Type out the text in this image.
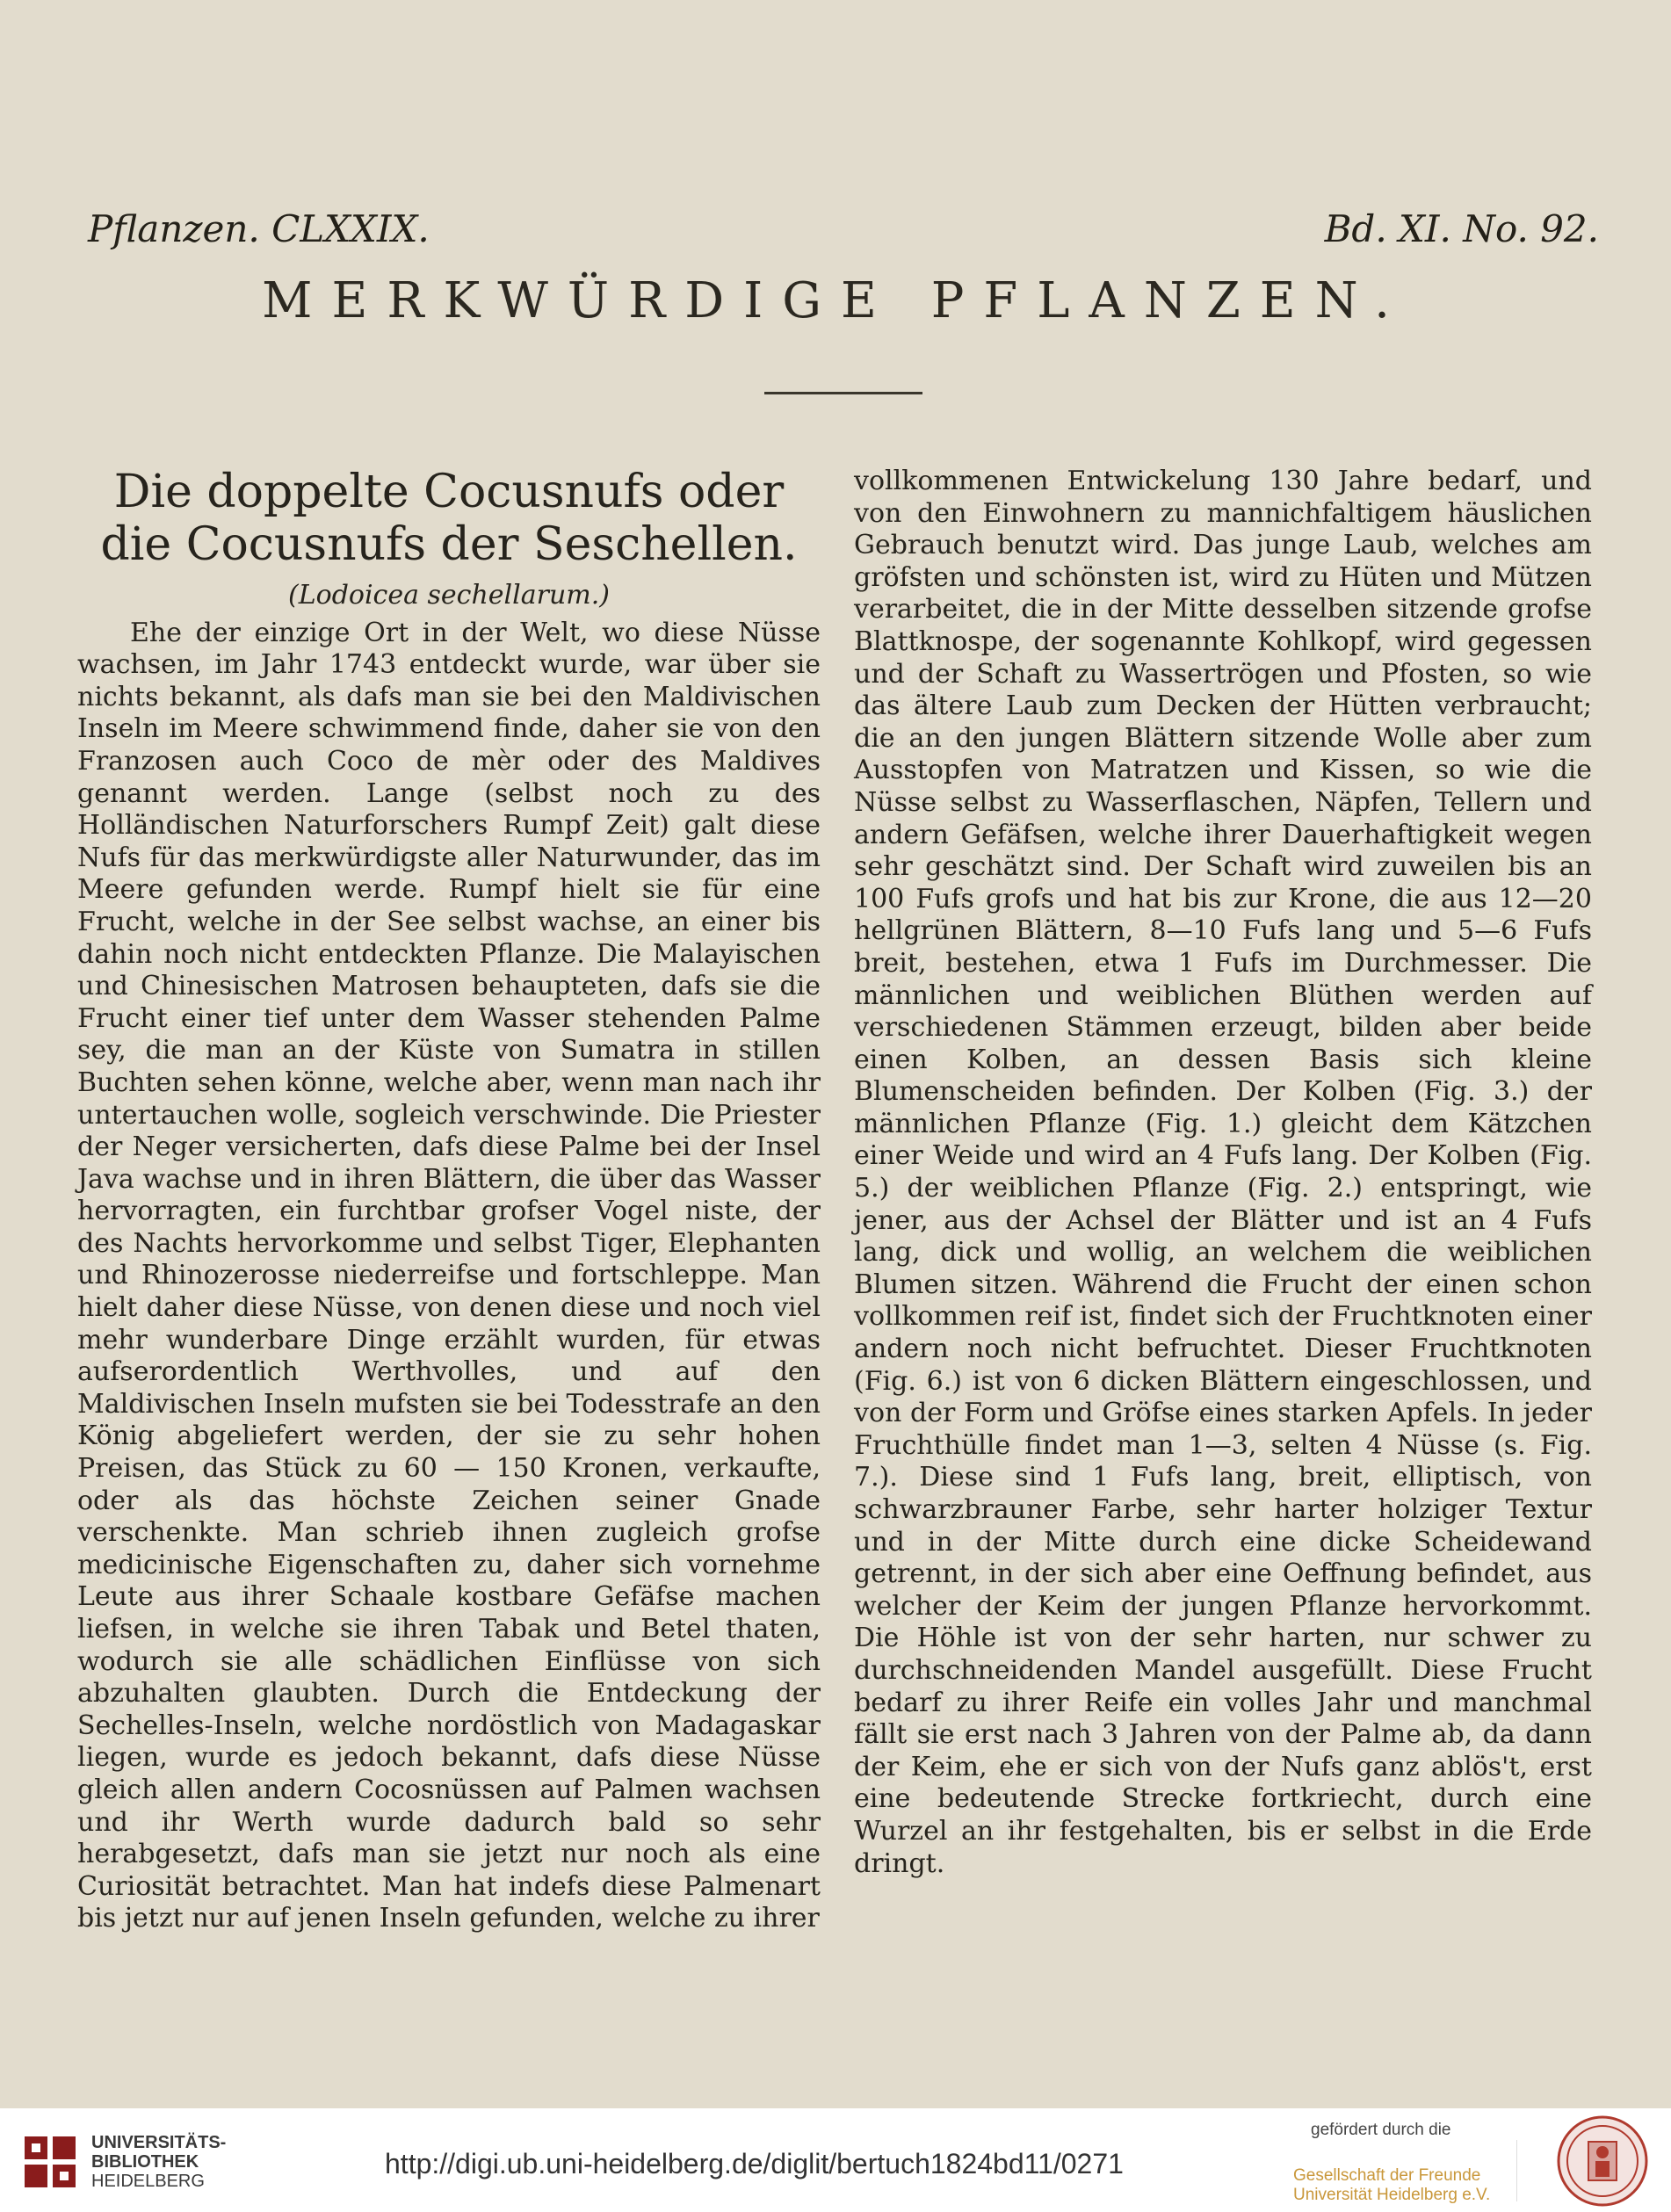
Pflanzen. CLXXIX.	Bd. XI. No. 92.
MERKWÜRDIGE PFLANZEN.
Die doppelte Cocusnufs oder die Cocusnufs der Seschellen.
(Lodoicea sechellarum.)

Ehe der einzige Ort in der Welt, wo diese Nüsse wachsen, im Jahr 1743 entdeckt wurde, war über sie nichts bekannt, als dafs man sie bei den Maldivischen Inseln im Meere schwimmend finde, daher sie von den Franzosen auch Coco de mèr oder des Maldives genannt werden. Lange (selbst noch zu des Holländischen Naturforschers Rumpf Zeit) galt diese Nufs für das merkwürdigste aller Naturwunder, das im Meere gefunden werde. Rumpf hielt sie für eine Frucht, welche in der See selbst wachse, an einer bis dahin noch nicht entdeckten Pflanze. Die Malayischen und Chinesischen Matrosen behaupteten, dafs sie die Frucht einer tief unter dem Wasser stehenden Palme sey, die man an der Küste von Sumatra in stillen Buchten sehen könne, welche aber, wenn man nach ihr untertauchen wolle, sogleich verschwinde. Die Priester der Neger versicherten, dafs diese Palme bei der Insel Java wachse und in ihren Blättern, die über das Wasser hervorragten, ein furchtbar grofser Vogel niste, der des Nachts hervorkomme und selbst Tiger, Elephanten und Rhinozerosse niederreifse und fortschleppe. Man hielt daher diese Nüsse, von denen diese und noch viel mehr wunderbare Dinge erzählt wurden, für etwas aufserordentlich Werthvolles, und auf den Maldivischen Inseln mufsten sie bei Todesstrafe an den König abgeliefert werden, der sie zu sehr hohen Preisen, das Stück zu 60 — 150 Kronen, verkaufte, oder als das höchste Zeichen seiner Gnade verschenkte. Man schrieb ihnen zugleich grofse medicinische Eigenschaften zu, daher sich vornehme Leute aus ihrer Schaale kostbare Gefäfse machen liefsen, in welche sie ihren Tabak und Betel thaten, wodurch sie alle schädlichen Einflüsse von sich abzuhalten glaubten. Durch die Entdeckung der Sechelles-Inseln, welche nordöstlich von Madagaskar liegen, wurde es jedoch bekannt, dafs diese Nüsse gleich allen andern Cocosnüssen auf Palmen wachsen und ihr Werth wurde dadurch bald so sehr herabgesetzt, dafs man sie jetzt nur noch als eine Curiosität betrachtet. Man hat indefs diese Palmenart bis jetzt nur auf jenen Inseln gefunden, welche zu ihrer

vollkommenen Entwickelung 130 Jahre bedarf, und von den Einwohnern zu mannichfaltigem häuslichen Gebrauch benutzt wird. Das junge Laub, welches am gröfsten und schönsten ist, wird zu Hüten und Mützen verarbeitet, die in der Mitte desselben sitzende grofse Blattknospe, der sogenannte Kohlkopf, wird gegessen und der Schaft zu Wassertrögen und Pfosten, so wie das ältere Laub zum Decken der Hütten verbraucht; die an den jungen Blättern sitzende Wolle aber zum Ausstopfen von Matratzen und Kissen, so wie die Nüsse selbst zu Wasserflaschen, Näpfen, Tellern und andern Gefäfsen, welche ihrer Dauerhaftigkeit wegen sehr geschätzt sind. Der Schaft wird zuweilen bis an 100 Fufs grofs und hat bis zur Krone, die aus 12—20 hellgrünen Blättern, 8—10 Fufs lang und 5—6 Fufs breit, bestehen, etwa 1 Fufs im Durchmesser. Die männlichen und weiblichen Blüthen werden auf verschiedenen Stämmen erzeugt, bilden aber beide einen Kolben, an dessen Basis sich kleine Blumenscheiden befinden. Der Kolben (Fig. 3.) der männlichen Pflanze (Fig. 1.) gleicht dem Kätzchen einer Weide und wird an 4 Fufs lang. Der Kolben (Fig. 5.) der weiblichen Pflanze (Fig. 2.) entspringt, wie jener, aus der Achsel der Blätter und ist an 4 Fufs lang, dick und wollig, an welchem die weiblichen Blumen sitzen. Während die Frucht der einen schon vollkommen reif ist, findet sich der Fruchtknoten einer andern noch nicht befruchtet. Dieser Fruchtknoten (Fig. 6.) ist von 6 dicken Blättern eingeschlossen, und von der Form und Gröfse eines starken Apfels. In jeder Fruchthülle findet man 1—3, selten 4 Nüsse (s. Fig. 7.). Diese sind 1 Fufs lang, breit, elliptisch, von schwarzbrauner Farbe, sehr harter holziger Textur und in der Mitte durch eine dicke Scheidewand getrennt, in der sich aber eine Oeffnung befindet, aus welcher der Keim der jungen Pflanze hervorkommt. Die Höhle ist von der sehr harten, nur schwer zu durchschneidenden Mandel ausgefüllt. Diese Frucht bedarf zu ihrer Reife ein volles Jahr und manchmal fällt sie erst nach 3 Jahren von der Palme ab, da dann der Keim, ehe er sich von der Nufs ganz ablös't, erst eine bedeutende Strecke fortkriecht, durch eine Wurzel an ihr festgehalten, bis er selbst in die Erde dringt.

UNIVERSITÄTS-
BIBLIOTHEK
HEIDELBERG
http://digi.ub.uni-heidelberg.de/diglit/bertuch1824bd11/0271
gefördert durch die
Gesellschaft der Freunde
Universität Heidelberg e.V.
